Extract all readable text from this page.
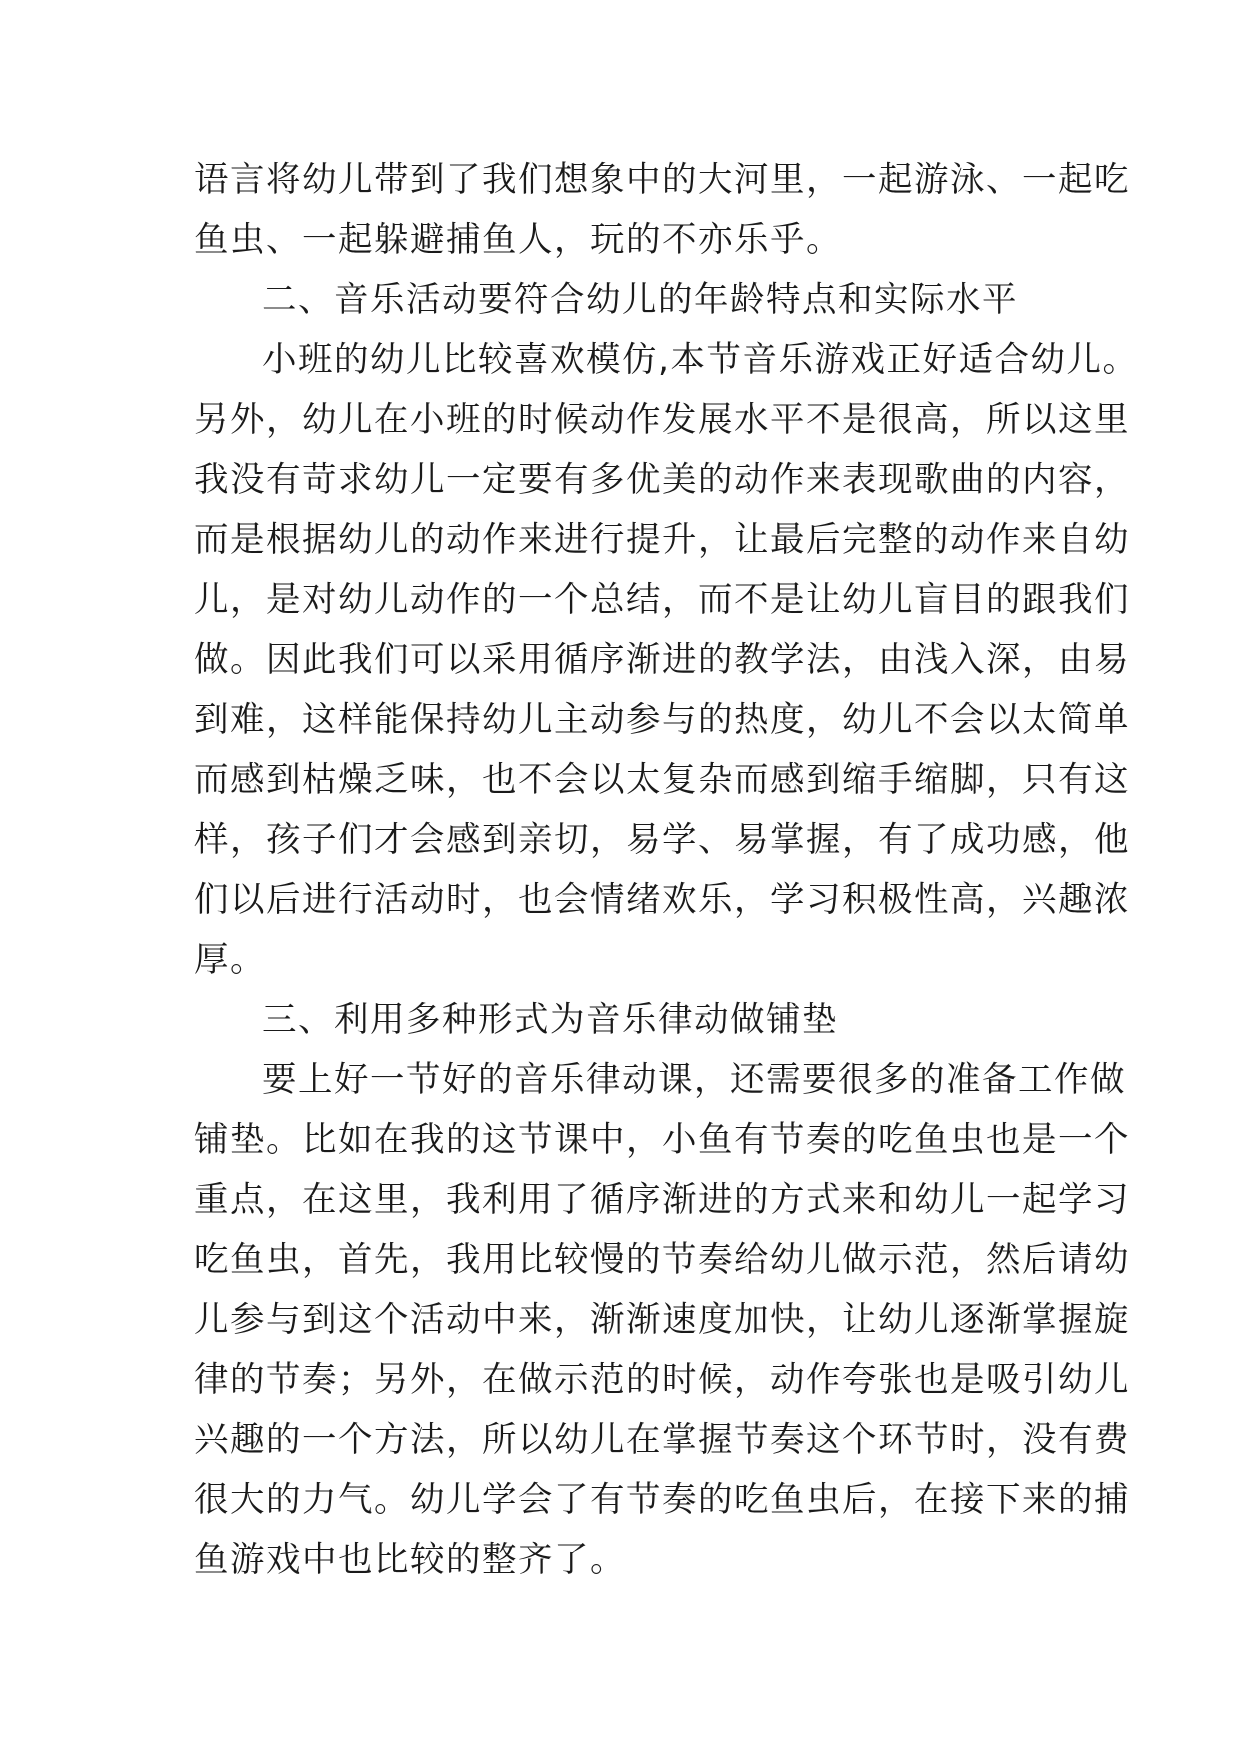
语言将幼儿带到了我们想象中的大河里，一起游泳、一起吃
鱼虫、一起躲避捕鱼人，玩的不亦乐乎。
二、音乐活动要符合幼儿的年龄特点和实际水平
小班的幼儿比较喜欢模仿,本节音乐游戏正好适合幼儿。
另外，幼儿在小班的时候动作发展水平不是很高，所以这里
我没有苛求幼儿一定要有多优美的动作来表现歌曲的内容，
而是根据幼儿的动作来进行提升，让最后完整的动作来自幼
儿，是对幼儿动作的一个总结，而不是让幼儿盲目的跟我们
做。因此我们可以采用循序渐进的教学法，由浅入深，由易
到难，这样能保持幼儿主动参与的热度，幼儿不会以太简单
而感到枯燥乏味，也不会以太复杂而感到缩手缩脚，只有这
样，孩子们才会感到亲切，易学、易掌握，有了成功感，他
们以后进行活动时，也会情绪欢乐，学习积极性高，兴趣浓
厚。
三、利用多种形式为音乐律动做铺垫
要上好一节好的音乐律动课，还需要很多的准备工作做
铺垫。比如在我的这节课中，小鱼有节奏的吃鱼虫也是一个
重点，在这里，我利用了循序渐进的方式来和幼儿一起学习
吃鱼虫，首先，我用比较慢的节奏给幼儿做示范，然后请幼
儿参与到这个活动中来，渐渐速度加快，让幼儿逐渐掌握旋
律的节奏；另外，在做示范的时候，动作夸张也是吸引幼儿
兴趣的一个方法，所以幼儿在掌握节奏这个环节时，没有费
很大的力气。幼儿学会了有节奏的吃鱼虫后，在接下来的捕
鱼游戏中也比较的整齐了。
